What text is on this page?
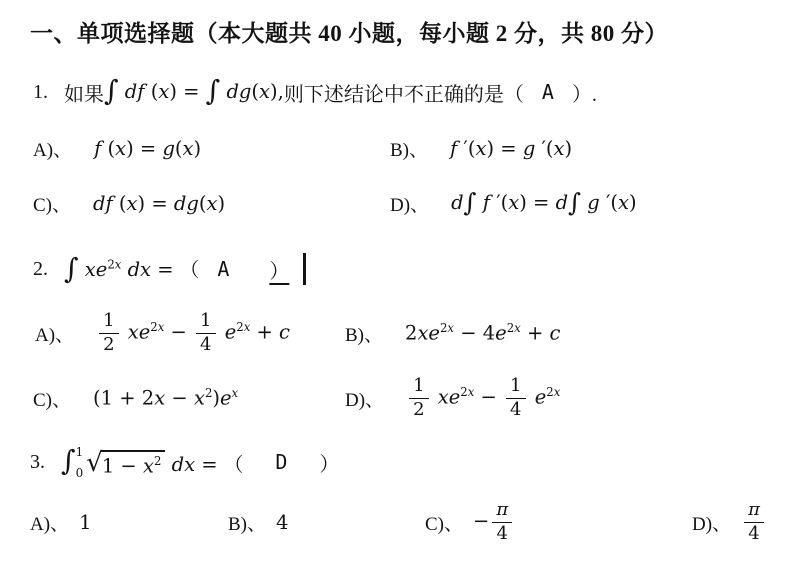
一、单项选择题（本大题共 40 小题，每小题 2 分，共 80 分）
1. 如果 ∫ df (x) = ∫ dg(x), 则下述结论中不正确的是（ A ）.
A)、 f (x) = g(x)	B)、 f ′(x) = g ′(x)
C)、 df (x) = dg(x)	D)、 d∫ f ′(x) = d∫ g ′(x)
2. ∫ $xe^{2x}$ dx = （ A ）
A)、 $\frac{1}{2} xe^{2x} - \frac{1}{4} e^{2x} + c$	B)、 $2xe^{2x} - 4e^{2x} + c$
C)、 $(1 + 2x - x^2)e^x$	D)、 $\frac{1}{2} xe^{2x} - \frac{1}{4} e^{2x}$
3. ∫ 1
0 √ $1 - x^2$ dx = （ D ）
A)、 1	B)、 4	C)、 − $\frac{\pi}{4}$	D)、 $\frac{\pi}{4}$
